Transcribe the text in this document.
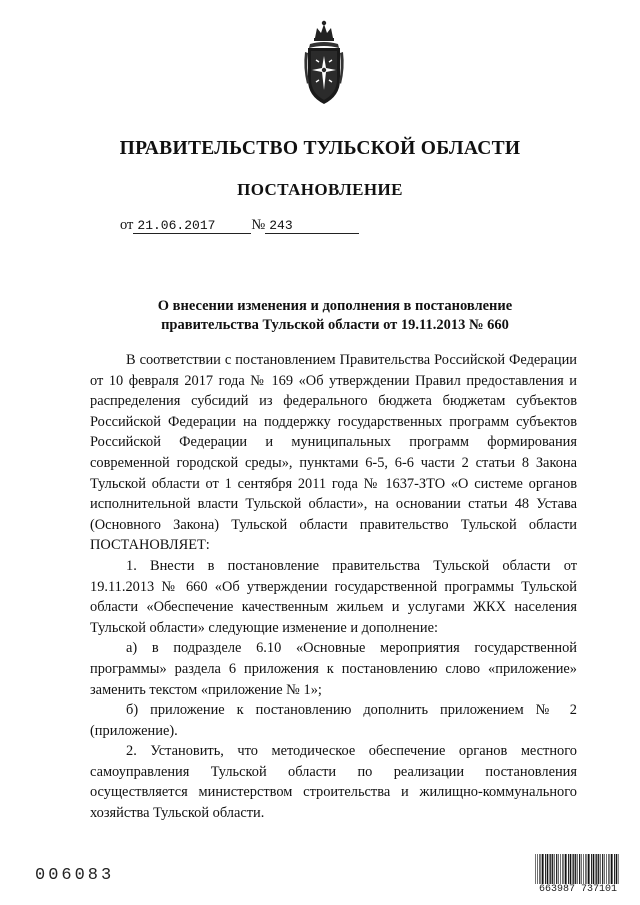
ПРАВИТЕЛЬСТВО ТУЛЬСКОЙ ОБЛАСТИ
ПОСТАНОВЛЕНИЕ
от 21.06.2017 № 243
О внесении изменения и дополнения в постановление
правительства Тульской области от 19.11.2013 № 660

В соответствии с постановлением Правительства Российской Федерации от 10 февраля 2017 года № 169 «Об утверждении Правил предоставления и распределения субсидий из федерального бюджета бюджетам субъектов Российской Федерации на поддержку государственных программ субъектов Российской Федерации и муниципальных программ формирования современной городской среды», пунктами 6-5, 6-6 части 2 статьи 8 Закона Тульской области от 1 сентября 2011 года № 1637-ЗТО «О системе органов исполнительной власти Тульской области», на основании статьи 48 Устава (Основного Закона) Тульской области правительство Тульской области ПОСТАНОВЛЯЕТ:

1. Внести в постановление правительства Тульской области от 19.11.2013 № 660 «Об утверждении государственной программы Тульской области «Обеспечение качественным жильем и услугами ЖКХ населения Тульской области» следующие изменение и дополнение:

а) в подразделе 6.10 «Основные мероприятия государственной программы» раздела 6 приложения к постановлению слово «приложение» заменить текстом «приложение № 1»;

б) приложение к постановлению дополнить приложением № 2 (приложение).

2. Установить, что методическое обеспечение органов местного самоуправления Тульской области по реализации постановления осуществляется министерством строительства и жилищно-коммунального хозяйства Тульской области.

006083
663987 737101
